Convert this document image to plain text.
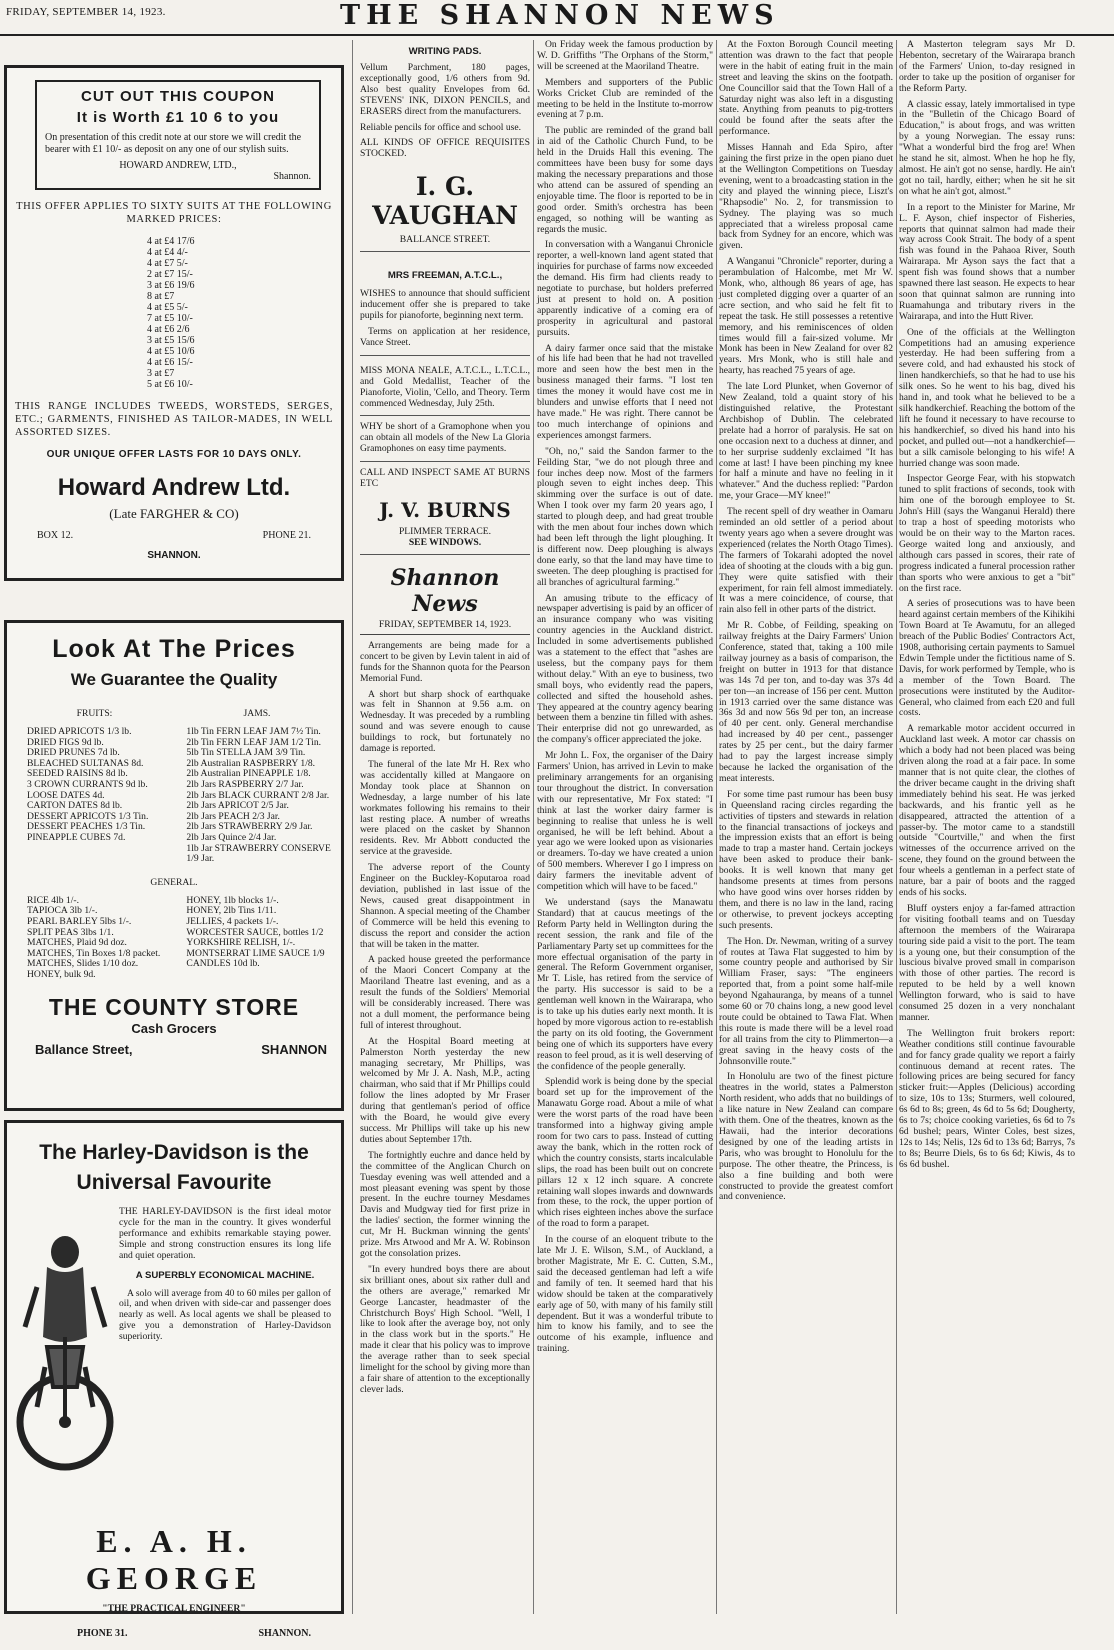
FRIDAY, SEPTEMBER 14, 1923.	THE SHANNON NEWS
CUT OUT THIS COUPON
It is Worth £1 10 6 to you
On presentation of this credit note at our store we will credit the bearer with £1 10/- as deposit on any one of our stylish suits.
HOWARD ANDREW, LTD.,
Shannon.
THIS OFFER APPLIES TO SIXTY SUITS AT THE FOLLOWING MARKED PRICES:
4 at £4 17/6
4 at £4 4/-
4 at £7 5/-
2 at £7 15/-
3 at £6 19/6
8 at £7
4 at £5 5/-
7 at £5 10/-
4 at £6 2/6
3 at £5 15/6
4 at £5 10/6
4 at £6 15/-
3 at £7
5 at £6 10/-
THIS RANGE INCLUDES TWEEDS, WORSTEDS, SERGES, ETC.; GARMENTS, FINISHED AS TAILOR-MADES, IN WELL ASSORTED SIZES.
OUR UNIQUE OFFER LASTS FOR 10 DAYS ONLY.
Howard Andrew Ltd.
(Late FARGHER & CO)
BOX 12.	PHONE 21.
SHANNON.
Look At The Prices
We Guarantee the Quality
FRUITS:	JAMS.
DRIED APRICOTS 1/3 lb.
DRIED FIGS 9d lb.
DRIED PRUNES 7d lb.
BLEACHED SULTANAS 8d.
SEEDED RAISINS 8d lb.
3 CROWN CURRANTS 9d lb.
LOOSE DATES 4d.
CARTON DATES 8d lb.
DESSERT APRICOTS 1/3 Tin.
DESSERT PEACHES 1/3 Tin.
PINEAPPLE CUBES 7d.
1lb Tin FERN LEAF JAM 7½ Tin.
2lb Tin FERN LEAF JAM 1/2 Tin.
5lb Tin STELLA JAM 3/9 Tin.
2lb Australian RASPBERRY 1/8.
2lb Australian PINEAPPLE 1/8.
2lb Jars RASPBERRY 2/7 Jar.
2lb Jars BLACK CURRANT 2/8 Jar.
2lb Jars APRICOT 2/5 Jar.
2lb Jars PEACH 2/3 Jar.
2lb Jars STRAWBERRY 2/9 Jar.
2lb Jars Quince 2/4 Jar.
1lb Jar STRAWBERRY CONSERVE 1/9 Jar.
GENERAL.
RICE 4lb 1/-.
TAPIOCA 3lb 1/-.
PEARL BARLEY 5lbs 1/-.
SPLIT PEAS 3lbs 1/1.
MATCHES, Plaid 9d doz.
MATCHES, Tin Boxes 1/8 packet.
MATCHES, Slides 1/10 doz.
HONEY, bulk 9d.
HONEY, 1lb blocks 1/-.
HONEY, 2lb Tins 1/11.
JELLIES, 4 packets 1/-.
WORCESTER SAUCE, bottles 1/2
YORKSHIRE RELISH, 1/-.
MONTSERRAT LIME SAUCE 1/9
CANDLES 10d lb.
THE COUNTY STORE
Cash Grocers
Ballance Street,	SHANNON
The Harley-Davidson is the
Universal Favourite
THE HARLEY-DAVIDSON is the first ideal motor cycle for the man in the country. It gives wonderful performance and exhibits remarkable staying power. Simple and strong construction ensures its long life and quiet operation.
A SUPERBLY ECONOMICAL MACHINE.
A solo will average from 40 to 60 miles per gallon of oil, and when driven with side-car and passenger does nearly as well. As local agents we shall be pleased to give you a demonstration of Harley-Davidson superiority.
E. A. H. GEORGE
"THE PRACTICAL ENGINEER"
PHONE 31.	SHANNON.
WRITING PADS.
Vellum Parchment, 180 pages, exceptionally good, 1/6 others from 9d. Also best quality Envelopes from 6d. STEVENS' INK, DIXON PENCILS, and ERASERS direct from the manufacturers.
Reliable pencils for office and school use.
ALL KINDS OF OFFICE REQUISITES STOCKED.
I. G. VAUGHAN
BALLANCE STREET.
MRS FREEMAN, A.T.C.L.,
WISHES to announce that should sufficient inducement offer she is prepared to take pupils for pianoforte, beginning next term.
Terms on application at her residence, Vance Street.
MISS MONA NEALE, A.T.C.L., L.T.C.L., and Gold Medallist, Teacher of the Pianoforte, Violin, 'Cello, and Theory. Term commenced Wednesday, July 25th.
WHY be short of a Gramophone when you can obtain all models of the New La Gloria Gramophones on easy time payments.
CALL AND INSPECT SAME AT BURNS ETC
J. V. BURNS
PLIMMER TERRACE.
SEE WINDOWS.
Shannon News
FRIDAY, SEPTEMBER 14, 1923.
Arrangements are being made for a concert to be given by Levin talent in aid of funds for the Shannon quota for the Pearson Memorial Fund.
A short but sharp shock of earthquake was felt in Shannon at 9.56 a.m. on Wednesday. It was preceded by a rumbling sound and was severe enough to cause buildings to rock, but fortunately no damage is reported.
The funeral of the late Mr H. Rex who was accidentally killed at Mangaore on Monday took place at Shannon on Wednesday, a large number of his late workmates following his remains to their last resting place. A number of wreaths were placed on the casket by Shannon residents. Rev. Mr Abbott conducted the service at the graveside.
The adverse report of the County Engineer on the Buckley-Koputaroa road deviation, published in last issue of the News, caused great disappointment in Shannon. A special meeting of the Chamber of Commerce will be held this evening to discuss the report and consider the action that will be taken in the matter.
A packed house greeted the performance of the Maori Concert Company at the Maoriland Theatre last evening, and as a result the funds of the Soldiers' Memorial will be considerably increased. There was not a dull moment, the performance being full of interest throughout.
At the Hospital Board meeting at Palmerston North yesterday the new managing secretary, Mr Phillips, was welcomed by Mr J. A. Nash, M.P., acting chairman, who said that if Mr Phillips could follow the lines adopted by Mr Fraser during that gentleman's period of office with the Board, he would give every success. Mr Phillips will take up his new duties about September 17th.
The fortnightly euchre and dance held by the committee of the Anglican Church on Tuesday evening was well attended and a most pleasant evening was spent by those present. In the euchre tourney Mesdames Davis and Mudgway tied for first prize in the ladies' section, the former winning the cut, Mr H. Buckman winning the gents' prize. Mrs Atwood and Mr A. W. Robinson got the consolation prizes.
"In every hundred boys there are about six brilliant ones, about six rather dull and the others are average," remarked Mr George Lancaster, headmaster of the Christchurch Boys' High School. "Well, I like to look after the average boy, not only in the class work but in the sports." He made it clear that his policy was to improve the average rather than to seek special limelight for the school by giving more than a fair share of attention to the exceptionally clever lads.
On Friday week the famous production by W. D. Griffiths "The Orphans of the Storm," will be screened at the Maoriland Theatre.
Members and supporters of the Public Works Cricket Club are reminded of the meeting to be held in the Institute to-morrow evening at 7 p.m.
The public are reminded of the grand ball in aid of the Catholic Church Fund, to be held in the Druids Hall this evening. The committees have been busy for some days making the necessary preparations and those who attend can be assured of spending an enjoyable time. The floor is reported to be in good order. Smith's orchestra has been engaged, so nothing will be wanting as regards the music.
In conversation with a Wanganui Chronicle reporter, a well-known land agent stated that inquiries for purchase of farms now exceeded the demand. His firm had clients ready to negotiate to purchase, but holders preferred just at present to hold on. A position apparently indicative of a coming era of prosperity in agricultural and pastoral pursuits.
A dairy farmer once said that the mistake of his life had been that he had not travelled more and seen how the best men in the business managed their farms. "I lost ten times the money it would have cost me in blunders and unwise efforts that I need not have made." He was right. There cannot be too much interchange of opinions and experiences amongst farmers.
"Oh, no," said the Sandon farmer to the Feilding Star, "we do not plough three and four inches deep now. Most of the farmers plough seven to eight inches deep. This skimming over the surface is out of date. When I took over my farm 20 years ago, I started to plough deep, and had great trouble with the men about four inches down which had been left through the light ploughing. It is different now. Deep ploughing is always done early, so that the land may have time to sweeten. The deep ploughing is practised for all branches of agricultural farming."
An amusing tribute to the efficacy of newspaper advertising is paid by an officer of an insurance company who was visiting country agencies in the Auckland district. Included in some advertisements published was a statement to the effect that "ashes are useless, but the company pays for them without delay." With an eye to business, two small boys, who evidently read the papers, collected and sifted the household ashes. They appeared at the country agency bearing between them a benzine tin filled with ashes. Their enterprise did not go unrewarded, as the company's officer appreciated the joke.
Mr John L. Fox, the organiser of the Dairy Farmers' Union, has arrived in Levin to make preliminary arrangements for an organising tour throughout the district. In conversation with our representative, Mr Fox stated: "I think at last the worker dairy farmer is beginning to realise that unless he is well organised, he will be left behind. About a year ago we were looked upon as visionaries or dreamers. To-day we have created a union of 500 members. Wherever I go I impress on dairy farmers the inevitable advent of competition which will have to be faced."
We understand (says the Manawatu Standard) that at caucus meetings of the Reform Party held in Wellington during the recent session, the rank and file of the Parliamentary Party set up committees for the more effectual organisation of the party in general. The Reform Government organiser, Mr T. Lisle, has retired from the service of the party. His successor is said to be a gentleman well known in the Wairarapa, who is to take up his duties early next month. It is hoped by more vigorous action to re-establish the party on its old footing, the Government being one of which its supporters have every reason to feel proud, as it is well deserving of the confidence of the people generally.
Splendid work is being done by the special board set up for the improvement of the Manawatu Gorge road. About a mile of what were the worst parts of the road have been transformed into a highway giving ample room for two cars to pass. Instead of cutting away the bank, which in the rotten rock of which the country consists, starts incalculable slips, the road has been built out on concrete pillars 12 x 12 inch square. A concrete retaining wall slopes inwards and downwards from these, to the rock, the upper portion of which rises eighteen inches above the surface of the road to form a parapet.
In the course of an eloquent tribute to the late Mr J. E. Wilson, S.M., of Auckland, a brother Magistrate, Mr E. C. Cutten, S.M., said the deceased gentleman had left a wife and family of ten. It seemed hard that his widow should be taken at the comparatively early age of 50, with many of his family still dependent. But it was a wonderful tribute to him to know his family, and to see the outcome of his example, influence and training.
At the Foxton Borough Council meeting attention was drawn to the fact that people were in the habit of eating fruit in the main street and leaving the skins on the footpath. One Councillor said that the Town Hall of a Saturday night was also left in a disgusting state. Anything from peanuts to pig-trotters could be found after the seats after the performance.
Misses Hannah and Eda Spiro, after gaining the first prize in the open piano duet at the Wellington Competitions on Tuesday evening, went to a broadcasting station in the city and played the winning piece, Liszt's "Rhapsodie" No. 2, for transmission to Sydney. The playing was so much appreciated that a wireless proposal came back from Sydney for an encore, which was given.
A Wanganui "Chronicle" reporter, during a perambulation of Halcombe, met Mr W. Monk, who, although 86 years of age, has just completed digging over a quarter of an acre section, and who said he felt fit to repeat the task. He still possesses a retentive memory, and his reminiscences of olden times would fill a fair-sized volume. Mr Monk has been in New Zealand for over 82 years. Mrs Monk, who is still hale and hearty, has reached 75 years of age.
The late Lord Plunket, when Governor of New Zealand, told a quaint story of his distinguished relative, the Protestant Archbishop of Dublin. The celebrated prelate had a horror of paralysis. He sat on one occasion next to a duchess at dinner, and to her surprise suddenly exclaimed "It has come at last! I have been pinching my knee for half a minute and have no feeling in it whatever." And the duchess replied: "Pardon me, your Grace—MY knee!"
The recent spell of dry weather in Oamaru reminded an old settler of a period about twenty years ago when a severe drought was experienced (relates the North Otago Times). The farmers of Tokarahi adopted the novel idea of shooting at the clouds with a big gun. They were quite satisfied with their experiment, for rain fell almost immediately. It was a mere coincidence, of course, that rain also fell in other parts of the district.
Mr R. Cobbe, of Feilding, speaking on railway freights at the Dairy Farmers' Union Conference, stated that, taking a 100 mile railway journey as a basis of comparison, the freight on butter in 1913 for that distance was 14s 7d per ton, and to-day was 37s 4d per ton—an increase of 156 per cent. Mutton in 1913 carried over the same distance was 36s 3d and now 56s 9d per ton, an increase of 40 per cent. only. General merchandise had increased by 40 per cent., passenger rates by 25 per cent., but the dairy farmer had to pay the largest increase simply because he lacked the organisation of the meat interests.
For some time past rumour has been busy in Queensland racing circles regarding the activities of tipsters and stewards in relation to the financial transactions of jockeys and the impression exists that an effort is being made to trap a master hand. Certain jockeys have been asked to produce their bank-books. It is well known that many get handsome presents at times from persons who have good wins over horses ridden by them, and there is no law in the land, racing or otherwise, to prevent jockeys accepting such presents.
The Hon. Dr. Newman, writing of a survey of routes at Tawa Flat suggested to him by some country people and authorised by Sir William Fraser, says: "The engineers reported that, from a point some half-mile beyond Ngahauranga, by means of a tunnel some 60 or 70 chains long, a new good level route could be obtained to Tawa Flat. When this route is made there will be a level road for all trains from the city to Plimmerton—a great saving in the heavy costs of the Johnsonville route."
In Honolulu are two of the finest picture theatres in the world, states a Palmerston North resident, who adds that no buildings of a like nature in New Zealand can compare with them. One of the theatres, known as the Hawaii, had the interior decorations designed by one of the leading artists in Paris, who was brought to Honolulu for the purpose. The other theatre, the Princess, is also a fine building and both were constructed to provide the greatest comfort and convenience.
A Masterton telegram says Mr D. Hebenton, secretary of the Wairarapa branch of the Farmers' Union, to-day resigned in order to take up the position of organiser for the Reform Party.
A classic essay, lately immortalised in type in the "Bulletin of the Chicago Board of Education," is about frogs, and was written by a young Norwegian. The essay runs: "What a wonderful bird the frog are! When he stand he sit, almost. When he hop he fly, almost. He ain't got no sense, hardly. He ain't got no tail, hardly, either; when he sit he sit on what he ain't got, almost."
In a report to the Minister for Marine, Mr L. F. Ayson, chief inspector of Fisheries, reports that quinnat salmon had made their way across Cook Strait. The body of a spent fish was found in the Pahaoa River, South Wairarapa. Mr Ayson says the fact that a spent fish was found shows that a number spawned there last season. He expects to hear soon that quinnat salmon are running into Ruamahunga and tributary rivers in the Wairarapa, and into the Hutt River.
One of the officials at the Wellington Competitions had an amusing experience yesterday. He had been suffering from a severe cold, and had exhausted his stock of linen handkerchiefs, so that he had to use his silk ones. So he went to his bag, dived his hand in, and took what he believed to be a silk handkerchief. Reaching the bottom of the lift he found it necessary to have recourse to his handkerchief, so dived his hand into his pocket, and pulled out—not a handkerchief—but a silk camisole belonging to his wife! A hurried change was soon made.
Inspector George Fear, with his stopwatch tuned to split fractions of seconds, took with him one of the borough employee to St. John's Hill (says the Wanganui Herald) there to trap a host of speeding motorists who would be on their way to the Marton races. George waited long and anxiously, and although cars passed in scores, their rate of progress indicated a funeral procession rather than sports who were anxious to get a "bit" on the first race.
A series of prosecutions was to have been heard against certain members of the Kihikihi Town Board at Te Awamutu, for an alleged breach of the Public Bodies' Contractors Act, 1908, authorising certain payments to Samuel Edwin Temple under the fictitious name of S. Davis, for work performed by Temple, who is a member of the Town Board. The prosecutions were instituted by the Auditor-General, who claimed from each £20 and full costs.
A remarkable motor accident occurred in Auckland last week. A motor car chassis on which a body had not been placed was being driven along the road at a fair pace. In some manner that is not quite clear, the clothes of the driver became caught in the driving shaft immediately behind his seat. He was jerked backwards, and his frantic yell as he disappeared, attracted the attention of a passer-by. The motor came to a standstill outside "Courtville," and when the first witnesses of the occurrence arrived on the scene, they found on the ground between the four wheels a gentleman in a perfect state of nature, bar a pair of boots and the ragged ends of his socks.
Bluff oysters enjoy a far-famed attraction for visiting football teams and on Tuesday afternoon the members of the Wairarapa touring side paid a visit to the port. The team is a young one, but their consumption of the luscious bivalve proved small in comparison with those of other parties. The record is reputed to be held by a well known Wellington forward, who is said to have consumed 25 dozen in a very nonchalant manner.
The Wellington fruit brokers report: Weather conditions still continue favourable and for fancy grade quality we report a fairly continuous demand at recent rates. The following prices are being secured for fancy sticker fruit:—Apples (Delicious) according to size, 10s to 13s; Sturmers, well coloured, 6s 6d to 8s; green, 4s 6d to 5s 6d; Dougherty, 6s to 7s; choice cooking varieties, 6s 6d to 7s 6d bushel; pears, Winter Coles, best sizes, 12s to 14s; Nelis, 12s 6d to 13s 6d; Barrys, 7s to 8s; Beurre Diels, 6s to 6s 6d; Kiwis, 4s to 6s 6d bushel.
